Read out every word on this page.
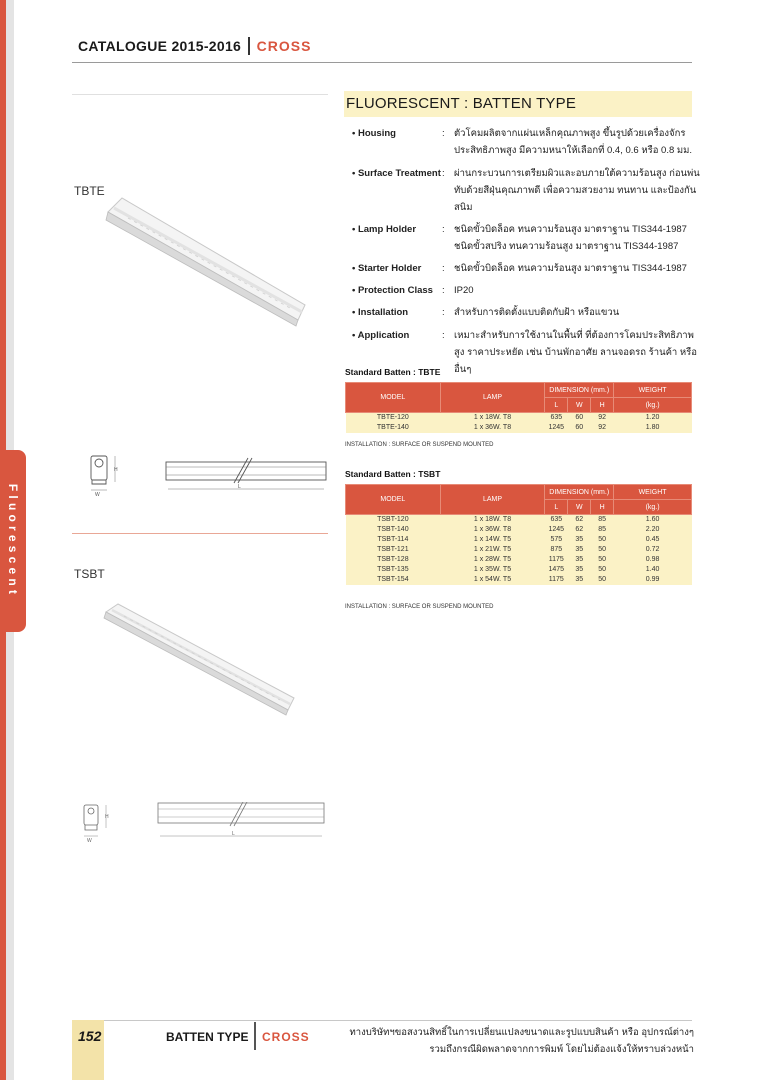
Fluorescent
CATALOGUE 2015-2016 CROSS
TBTE
H
W
L
TSBT
H
W
L
FLUORESCENT : BATTEN TYPE
• Housing	: ตัวโคมผลิตจากแผ่นเหล็กคุณภาพสูง ขึ้นรูปด้วยเครื่องจักรประสิทธิภาพสูง มีความหนาให้เลือกที่ 0.4, 0.6 หรือ 0.8 มม.
• Surface Treatment : ผ่านกระบวนการเตรียมผิวและอบภายใต้ความร้อนสูง ก่อนพ่นทับด้วยสีฝุ่นคุณภาพดี เพื่อความสวยงาม ทนทาน และป้องกันสนิม
• Lamp Holder	: ชนิดขั้วบิดล็อค ทนความร้อนสูง มาตราฐาน TIS344-1987 ชนิดขั้วสปริง ทนความร้อนสูง มาตราฐาน TIS344-1987
• Starter Holder	: ชนิดขั้วบิดล็อค ทนความร้อนสูง มาตราฐาน TIS344-1987
• Protection Class : IP20
• Installation	: สำหรับการติดตั้งแบบติดกับฝ้า หรือแขวน
• Application	: เหมาะสำหรับการใช้งานในพื้นที่ ที่ต้องการโคมประสิทธิภาพสูง ราคาประหยัด เช่น บ้านพักอาศัย ลานจอดรถ ร้านค้า หรืออื่นๆ
Standard Batten : TBTE
MODEL	LAMP	DIMENSION (mm.)			WEIGHT
		L	W	H	(kg.)
TBTE-120	1 x 18W. T8	635	60	92	1.20
TBTE-140	1 x 36W. T8	1245	60	92	1.80
INSTALLATION : SURFACE OR SUSPEND MOUNTED
Standard Batten : TSBT
MODEL	LAMP	DIMENSION (mm.)			WEIGHT
		L	W	H	(kg.)
TSBT-120	1 x 18W. T8	635	62	85	1.60
TSBT-140	1 x 36W. T8	1245	62	85	2.20
TSBT-114	1 x 14W. T5	575	35	50	0.45
TSBT-121	1 x 21W. T5	875	35	50	0.72
TSBT-128	1 x 28W. T5	1175	35	50	0.98
TSBT-135	1 x 35W. T5	1475	35	50	1.40
TSBT-154	1 x 54W. T5	1175	35	50	0.99
INSTALLATION : SURFACE OR SUSPEND MOUNTED
152	BATTEN TYPE CROSS	ทางบริษัทฯขอสงวนสิทธิ์ในการเปลี่ยนแปลงขนาดและรูปแบบสินค้า หรือ อุปกรณ์ต่างๆ
รวมถึงกรณีผิดพลาดจากการพิมพ์ โดยไม่ต้องแจ้งให้ทราบล่วงหน้า
